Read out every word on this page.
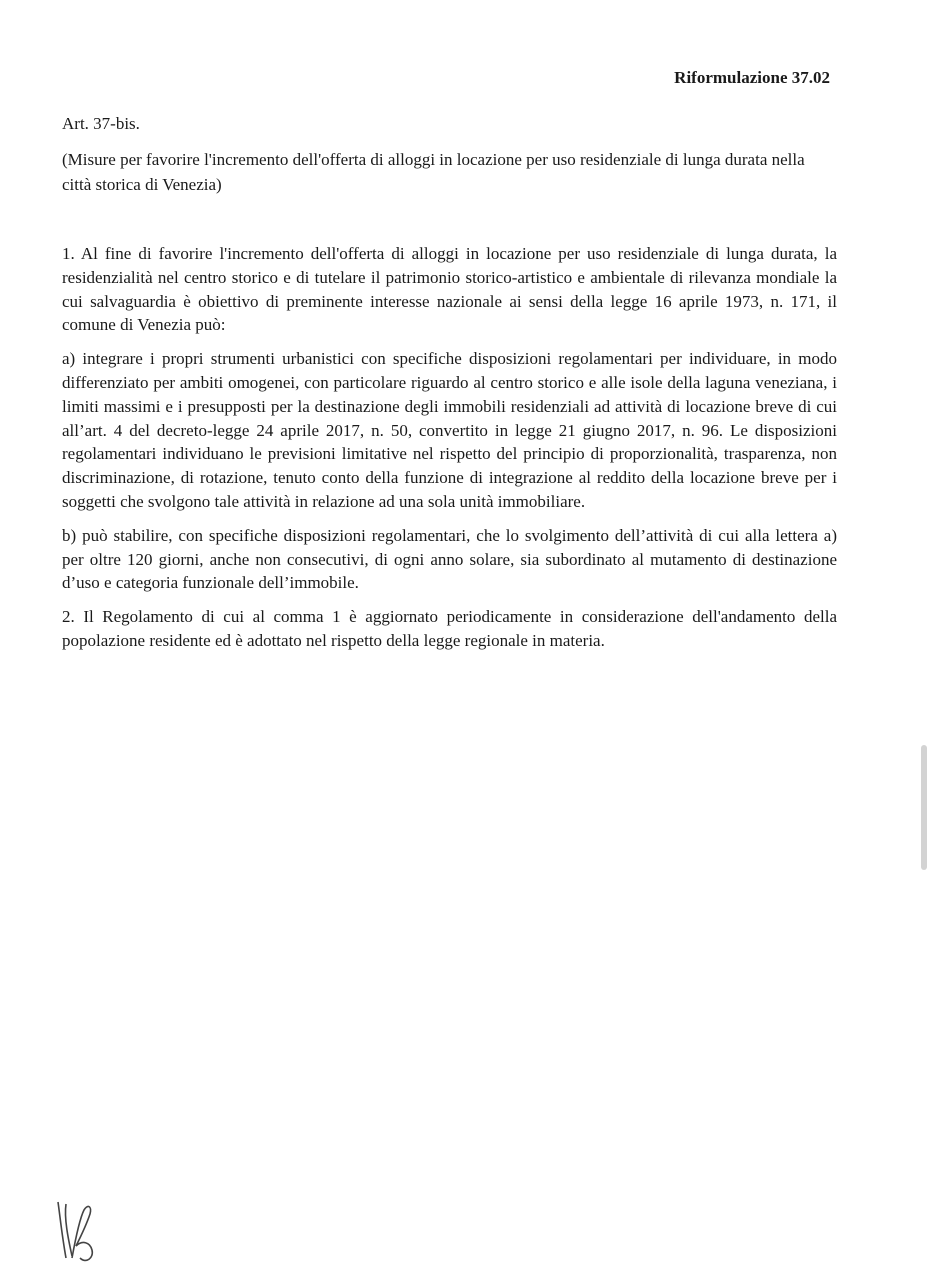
Riformulazione 37.02
Art. 37-bis.
(Misure per favorire l'incremento dell'offerta di alloggi in locazione per uso residenziale di lunga durata nella città storica di Venezia)

1. Al fine di favorire l'incremento dell'offerta di alloggi in locazione per uso residenziale di lunga durata, la residenzialità nel centro storico e di tutelare il patrimonio storico-artistico e ambientale di rilevanza mondiale la cui salvaguardia è obiettivo di preminente interesse nazionale ai sensi della legge 16 aprile 1973, n. 171, il comune di Venezia può:

a) integrare i propri strumenti urbanistici con specifiche disposizioni regolamentari per individuare, in modo differenziato per ambiti omogenei, con particolare riguardo al centro storico e alle isole della laguna veneziana, i limiti massimi e i presupposti per la destinazione degli immobili residenziali ad attività di locazione breve di cui all’art. 4 del decreto-legge 24 aprile 2017, n. 50, convertito in legge 21 giugno 2017, n. 96. Le disposizioni regolamentari individuano le previsioni limitative nel rispetto del principio di proporzionalità, trasparenza, non discriminazione, di rotazione, tenuto conto della funzione di integrazione al reddito della locazione breve per i soggetti che svolgono tale attività in relazione ad una sola unità immobiliare.

b) può stabilire, con specifiche disposizioni regolamentari, che lo svolgimento dell’attività di cui alla lettera a) per oltre 120 giorni, anche non consecutivi, di ogni anno solare, sia subordinato al mutamento di destinazione d’uso e categoria funzionale dell’immobile.

2. Il Regolamento di cui al comma 1 è aggiornato periodicamente in considerazione dell'andamento della popolazione residente ed è adottato nel rispetto della legge regionale in materia.
